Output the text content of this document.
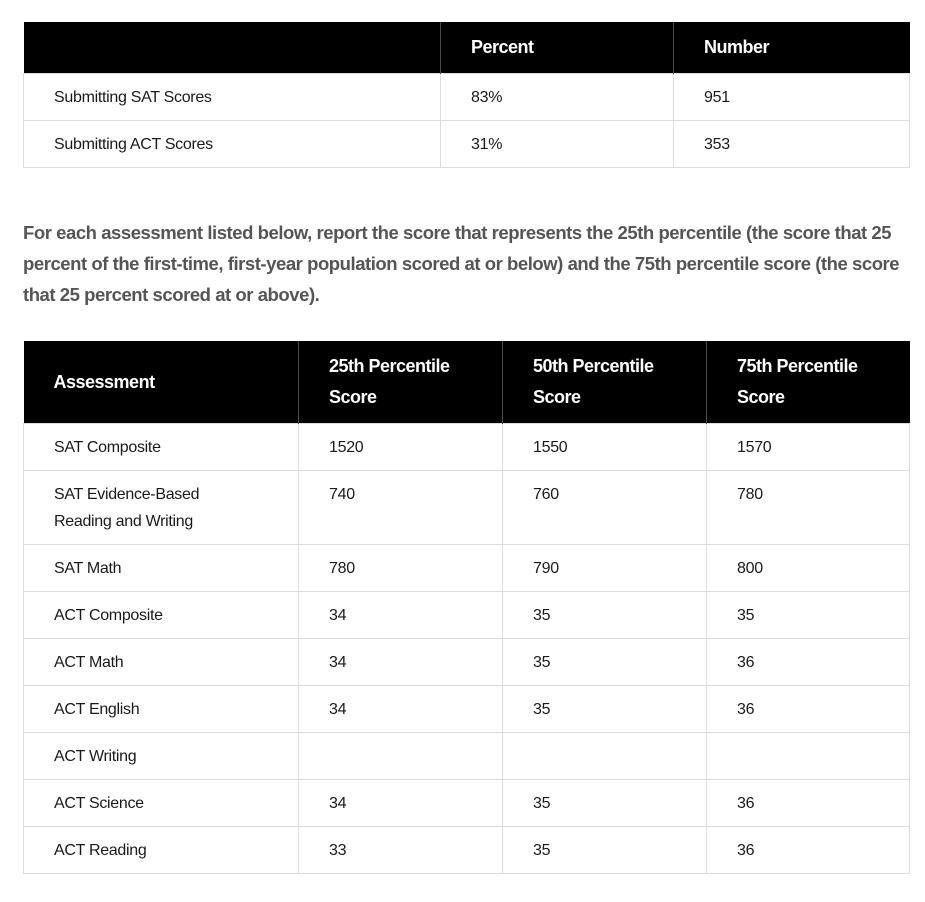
	Percent	Number
Submitting SAT Scores	83%	951
Submitting ACT Scores	31%	353

For each assessment listed below, report the score that represents the 25th percentile (the score that 25 percent of the first-time, first-year population scored at or below) and the 75th percentile score (the score that 25 percent scored at or above).

Assessment	25th Percentile Score	50th Percentile Score	75th Percentile Score
SAT Composite	1520	1550	1570
SAT Evidence-Based Reading and Writing	740	760	780
SAT Math	780	790	800
ACT Composite	34	35	35
ACT Math	34	35	36
ACT English	34	35	36
ACT Writing			
ACT Science	34	35	36
ACT Reading	33	35	36
